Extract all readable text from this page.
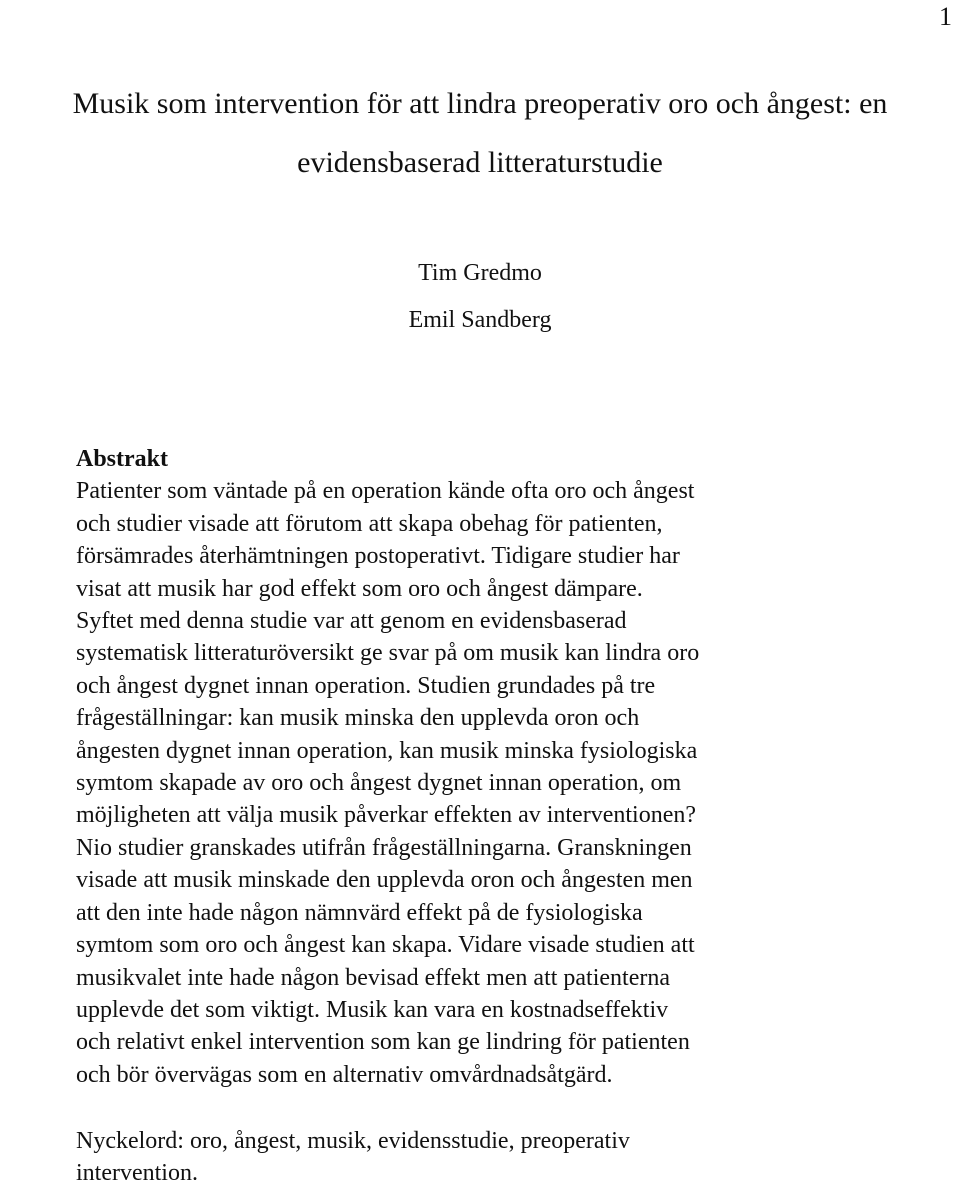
1
Musik som intervention för att lindra preoperativ oro och ångest: en
evidensbaserad litteraturstudie
Tim Gredmo
Emil Sandberg
Abstrakt
Patienter som väntade på en operation kände ofta oro och ångest
och studier visade att förutom att skapa obehag för patienten,
försämrades återhämtningen postoperativt. Tidigare studier har
visat att musik har god effekt som oro och ångest dämpare.
Syftet med denna studie var att genom en evidensbaserad
systematisk litteraturöversikt ge svar på om musik kan lindra oro
och ångest dygnet innan operation. Studien grundades på tre
frågeställningar: kan musik minska den upplevda oron och
ångesten dygnet innan operation, kan musik minska fysiologiska
symtom skapade av oro och ångest dygnet innan operation, om
möjligheten att välja musik påverkar effekten av interventionen?
Nio studier granskades utifrån frågeställningarna. Granskningen
visade att musik minskade den upplevda oron och ångesten men
att den inte hade någon nämnvärd effekt på de fysiologiska
symtom som oro och ångest kan skapa. Vidare visade studien att
musikvalet inte hade någon bevisad effekt men att patienterna
upplevde det som viktigt. Musik kan vara en kostnadseffektiv
och relativt enkel intervention som kan ge lindring för patienten
och bör övervägas som en alternativ omvårdnadsåtgärd.
Nyckelord: oro, ångest, musik, evidensstudie, preoperativ
intervention.
